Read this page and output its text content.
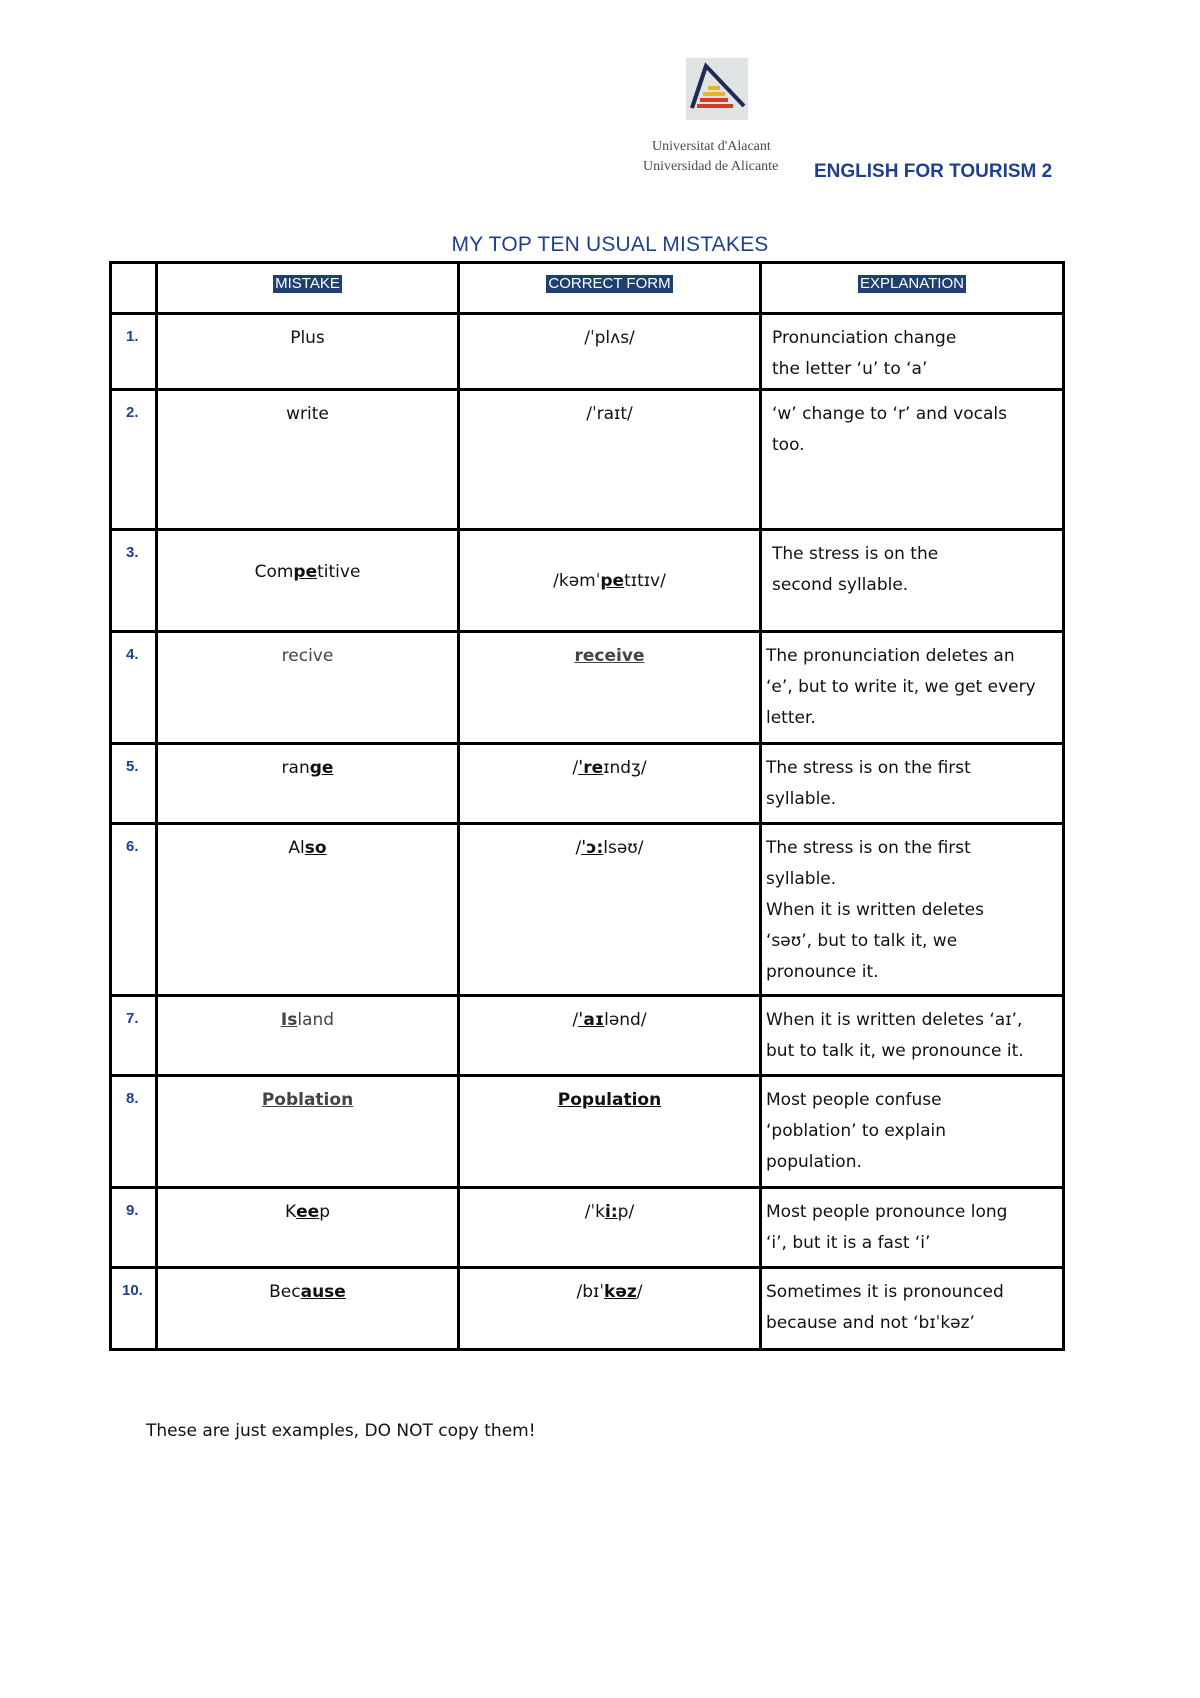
Universitat d'Alacant
Universidad de Alicante ENGLISH FOR TOURISM 2
MY TOP TEN USUAL MISTAKES
	MISTAKE	CORRECT FORM	EXPLANATION

1.	Plus	/ˈplʌs/	Pronunciation change
the letter ‘u’ to ‘a’

2.	write	/ˈraɪt/	‘w’ change to ‘r’ and vocals
too.

3.	Competitive	/kəmˈpetɪtɪv/	The stress is on the
second syllable.

4.	recive	receive	The pronunciation deletes an
‘e’, but to write it, we get every
letter.

5.	range	/ˈreɪndʒ/	The stress is on the first
syllable.

6.	Also	/ˈɔ:lsəʊ/	The stress is on the first
syllable.
When it is written deletes
‘səʊ’, but to talk it, we
pronounce it.

7.	Island	/ˈaɪlənd/	When it is written deletes ‘aɪ’,
but to talk it, we pronounce it.

8.	Poblation	Population	Most people confuse
‘poblation’ to explain
population.

9.	Keep	/ˈki:p/	Most people pronounce long
‘i’, but it is a fast ‘i’

10.	Because	/bɪˈkəz/	Sometimes it is pronounced
because and not ‘bɪˈkəz’
These are just examples, DO NOT copy them!
